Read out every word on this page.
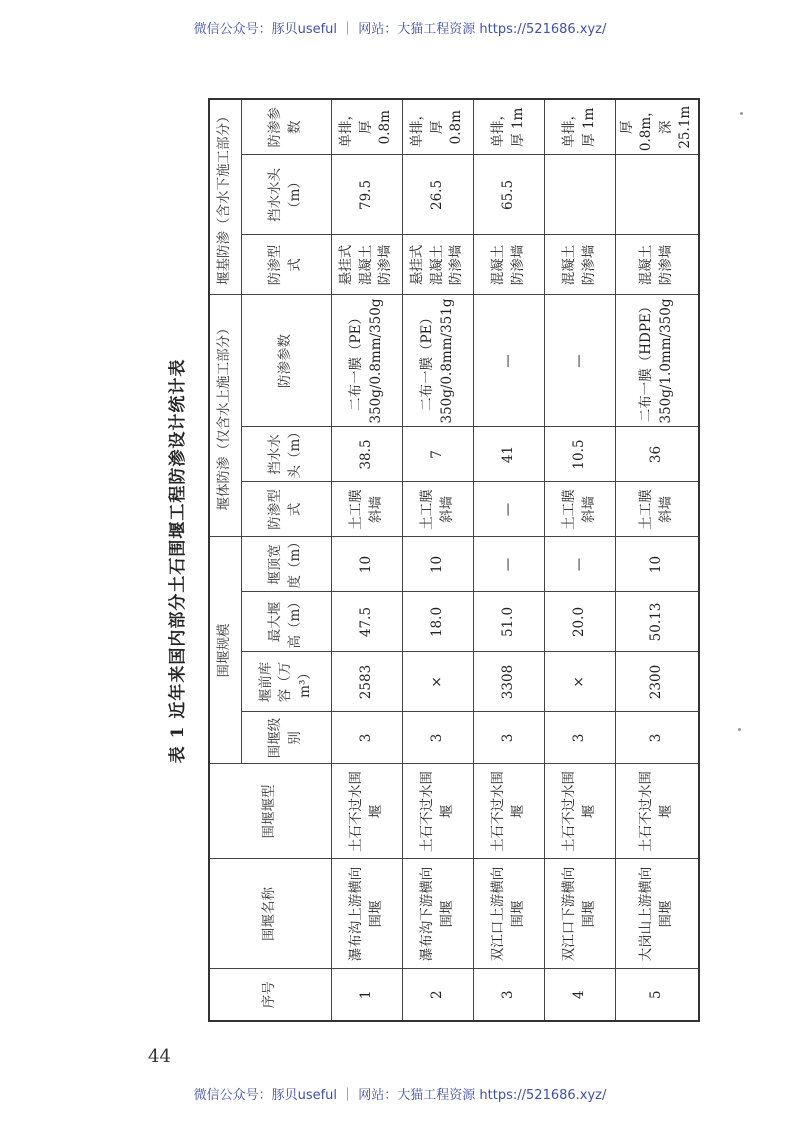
微信公众号：豚贝useful ｜ 网站：大猫工程资源 https://521686.xyz/
表 1 近年来国内部分土石围堰工程防渗设计统计表
序号	围堰名称	围堰堰型	围堰规模				堰体防渗（仅含水上施工部分）			堰基防渗（含水下施工部分）		
			围堰级别	堰前库容（万 m³）	最大堰高（m）	堰顶宽度（m）	防渗型式	挡水水头（m）	防渗参数	防渗型式	挡水水头（m）	防渗参数
1	瀑布沟上游横向围堰	土石不过水围堰	3	2583	47.5	10	土工膜斜墙	38.5	二布一膜（PE）350g/0.8mm/350g	悬挂式混凝土防渗墙	79.5	单排，厚 0.8m
2	瀑布沟下游横向围堰	土石不过水围堰	3	×	18.0	10	土工膜斜墙	7	二布一膜（PE）350g/0.8mm/351g	悬挂式混凝土防渗墙	26.5	单排，厚 0.8m
3	双江口上游横向围堰	土石不过水围堰	3	3308	51.0	—	—	41	—	混凝土防渗墙	65.5	单排，厚 1m
4	双江口下游横向围堰	土石不过水围堰	3	×	20.0	—	土工膜斜墙	10.5	—	混凝土防渗墙		单排，厚 1m
5	大岗山上游横向围堰	土石不过水围堰	3	2300	50.13	10	土工膜斜墙	36	二布一膜（HDPE）350g/1.0mm/350g	混凝土防渗墙		厚 0.8m，深 25.1m
44
微信公众号：豚贝useful ｜ 网站：大猫工程资源 https://521686.xyz/
